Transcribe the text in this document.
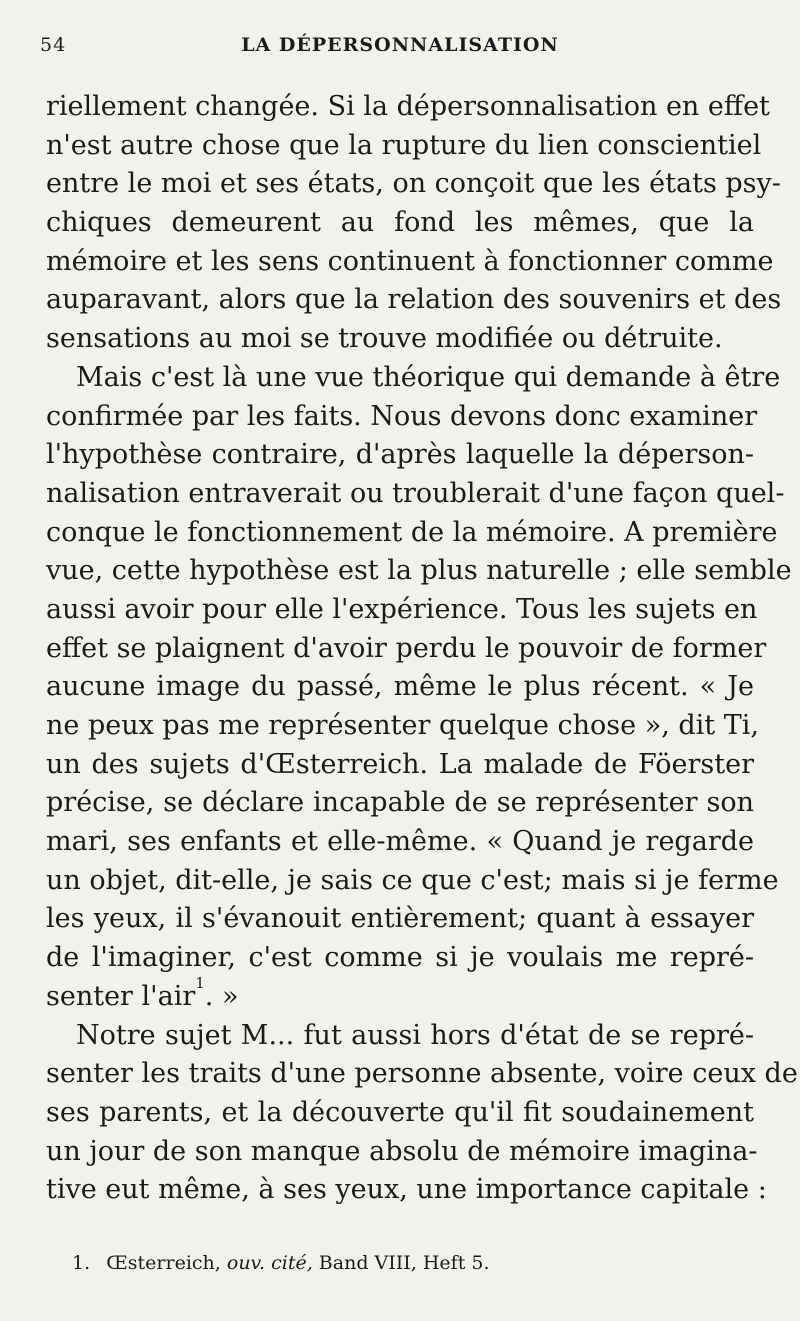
54	LA DÉPERSONNALISATION
riellement changée. Si la dépersonnalisation en effet
n'est autre chose que la rupture du lien conscientiel
entre le moi et ses états, on conçoit que les états psy-
chiques demeurent au fond les mêmes, que la
mémoire et les sens continuent à fonctionner comme
auparavant, alors que la relation des souvenirs et des
sensations au moi se trouve modifiée ou détruite.
Mais c'est là une vue théorique qui demande à être
confirmée par les faits. Nous devons donc examiner
l'hypothèse contraire, d'après laquelle la déperson-
nalisation entraverait ou troublerait d'une façon quel-
conque le fonctionnement de la mémoire. A première
vue, cette hypothèse est la plus naturelle ; elle semble
aussi avoir pour elle l'expérience. Tous les sujets en
effet se plaignent d'avoir perdu le pouvoir de former
aucune image du passé, même le plus récent. « Je
ne peux pas me représenter quelque chose », dit Ti,
un des sujets d'Œsterreich. La malade de Föerster
précise, se déclare incapable de se représenter son
mari, ses enfants et elle-même. « Quand je regarde
un objet, dit-elle, je sais ce que c'est; mais si je ferme
les yeux, il s'évanouit entièrement; quant à essayer
de l'imaginer, c'est comme si je voulais me repré-
senter l'air$^1$. »
Notre sujet M... fut aussi hors d'état de se repré-
senter les traits d'une personne absente, voire ceux de
ses parents, et la découverte qu'il fit soudainement
un jour de son manque absolu de mémoire imagina-
tive eut même, à ses yeux, une importance capitale :
1. Œsterreich, ouv. cité, Band VIII, Heft 5.
